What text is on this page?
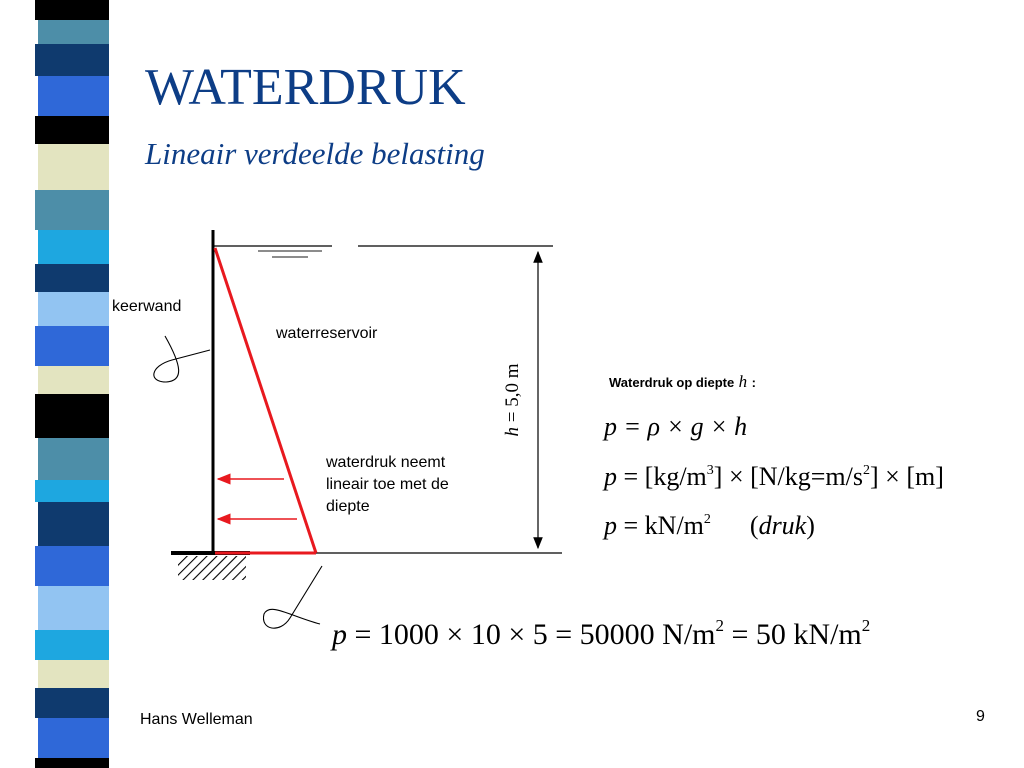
WATERDRUK
Lineair verdeelde belasting
keerwand
waterreservoir
waterdruk neemt lineair toe met de diepte
h = 5,0 m	Waterdruk op diepte h :
p = ρ × g × h
$p = [kg/m^3] \times [N/kg=m/s^2] \times [m]$
$p = kN/m^2$ (druk)
p = 1000 × 10 × 5 = 50000 $N/m^2 = 50$ $kN/m^2$
Hans Welleman	9
